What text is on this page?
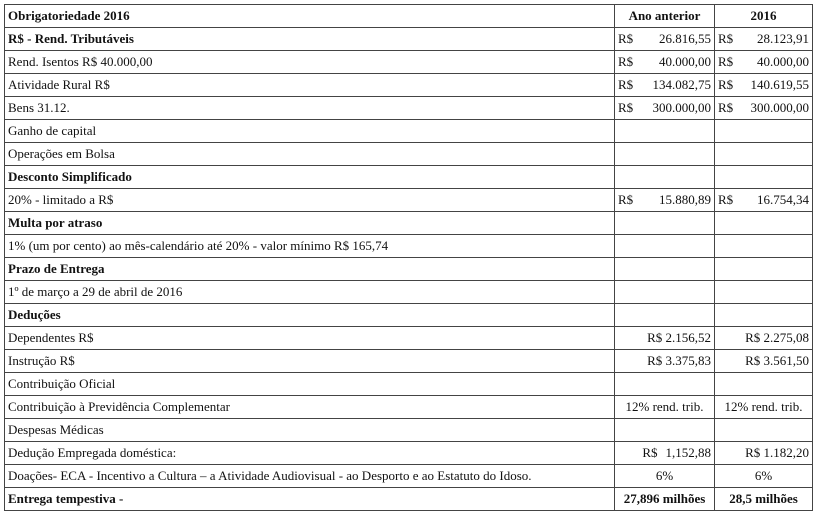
Obrigatoriedade 2016	Ano anterior	2016
R$ - Rend. Tributáveis	R$ 26.816,55	R$ 28.123,91

Rend. Isentos R$ 40.000,00	R$ 40.000,00	R$ 40.000,00

Atividade Rural R$	R$ 134.082,75	R$ 140.619,55

Bens 31.12.	R$ 300.000,00	R$ 300.000,00

Ganho de capital		
Operações em Bolsa		
Desconto Simplificado		
20% - limitado a R$	R$ 15.880,89	R$ 16.754,34

Multa por atraso		
1% (um por cento) ao mês-calendário até 20% - valor mínimo R$ 165,74		
Prazo de Entrega		
1º de março a 29 de abril de 2016		
Deduções		
Dependentes R$	R$ 2.156,52	R$ 2.275,08
Instrução R$	R$ 3.375,83	R$ 3.561,50
Contribuição Oficial		
Contribuição à Previdência Complementar	12% rend. trib.	12% rend. trib.
Despesas Médicas		
Dedução Empregada doméstica:	R$ 1,152,88	R$ 1.182,20
Doações- ECA - Incentivo a Cultura – a Atividade Audiovisual - ao Desporto e ao Estatuto do Idoso.	6%	6%
Entrega tempestiva -	27,896 milhões	28,5 milhões
